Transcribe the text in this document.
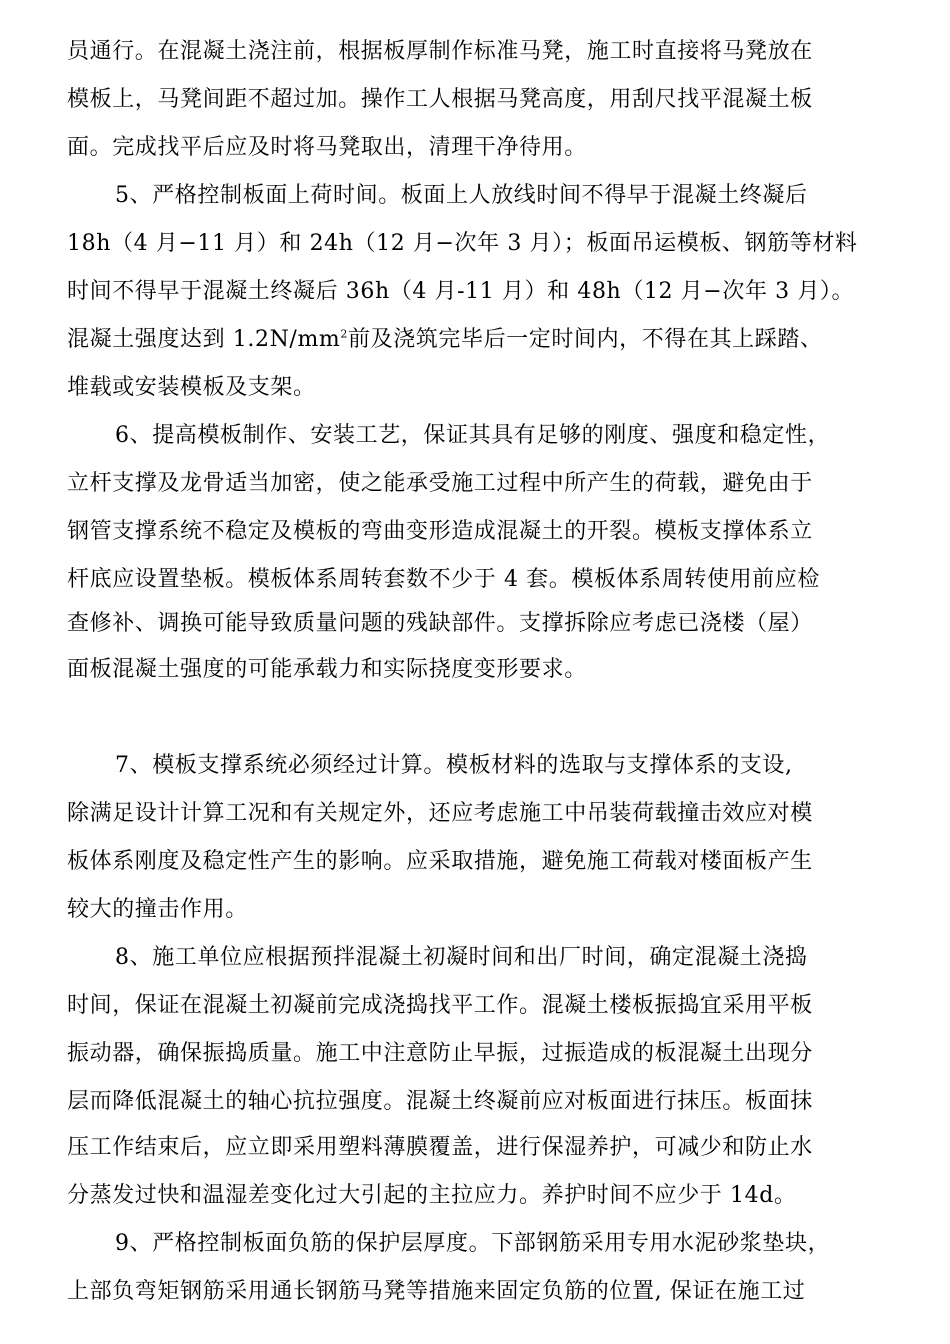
员通行。在混凝土浇注前，根据板厚制作标准马凳，施工时直接将马凳放在
模板上，马凳间距不超过加。操作工人根据马凳高度，用刮尺找平混凝土板
面。完成找平后应及时将马凳取出，清理干净待用。
5、严格控制板面上荷时间。板面上人放线时间不得早于混凝土终凝后
18h（4 月−11 月）和 24h（12 月−次年 3 月）；板面吊运模板、钢筋等材料
时间不得早于混凝土终凝后 36h（4 月-11 月）和 48h（12 月−次年 3 月）。
混凝土强度达到 $1.2N/mm^2$前及浇筑完毕后一定时间内，不得在其上踩踏、
堆载或安装模板及支架。
6、提高模板制作、安装工艺，保证其具有足够的刚度、强度和稳定性，
立杆支撑及龙骨适当加密，使之能承受施工过程中所产生的荷载，避免由于
钢管支撑系统不稳定及模板的弯曲变形造成混凝土的开裂。模板支撑体系立
杆底应设置垫板。模板体系周转套数不少于 4 套。模板体系周转使用前应检
查修补、调换可能导致质量问题的残缺部件。支撑拆除应考虑已浇楼（屋）
面板混凝土强度的可能承载力和实际挠度变形要求。
7、模板支撑系统必须经过计算。模板材料的选取与支撑体系的支设,
除满足设计计算工况和有关规定外，还应考虑施工中吊装荷载撞击效应对模
板体系刚度及稳定性产生的影响。应采取措施，避免施工荷载对楼面板产生
较大的撞击作用。
8、施工单位应根据预拌混凝土初凝时间和出厂时间，确定混凝土浇捣
时间，保证在混凝土初凝前完成浇捣找平工作。混凝土楼板振捣宜采用平板
振动器，确保振捣质量。施工中注意防止早振，过振造成的板混凝土出现分
层而降低混凝土的轴心抗拉强度。混凝土终凝前应对板面进行抹压。板面抹
压工作结束后，应立即采用塑料薄膜覆盖，进行保湿养护，可减少和防止水
分蒸发过快和温湿差变化过大引起的主拉应力。养护时间不应少于 14d。
9、严格控制板面负筋的保护层厚度。下部钢筋采用专用水泥砂浆垫块，
上部负弯矩钢筋采用通长钢筋马凳等措施来固定负筋的位置, 保证在施工过
